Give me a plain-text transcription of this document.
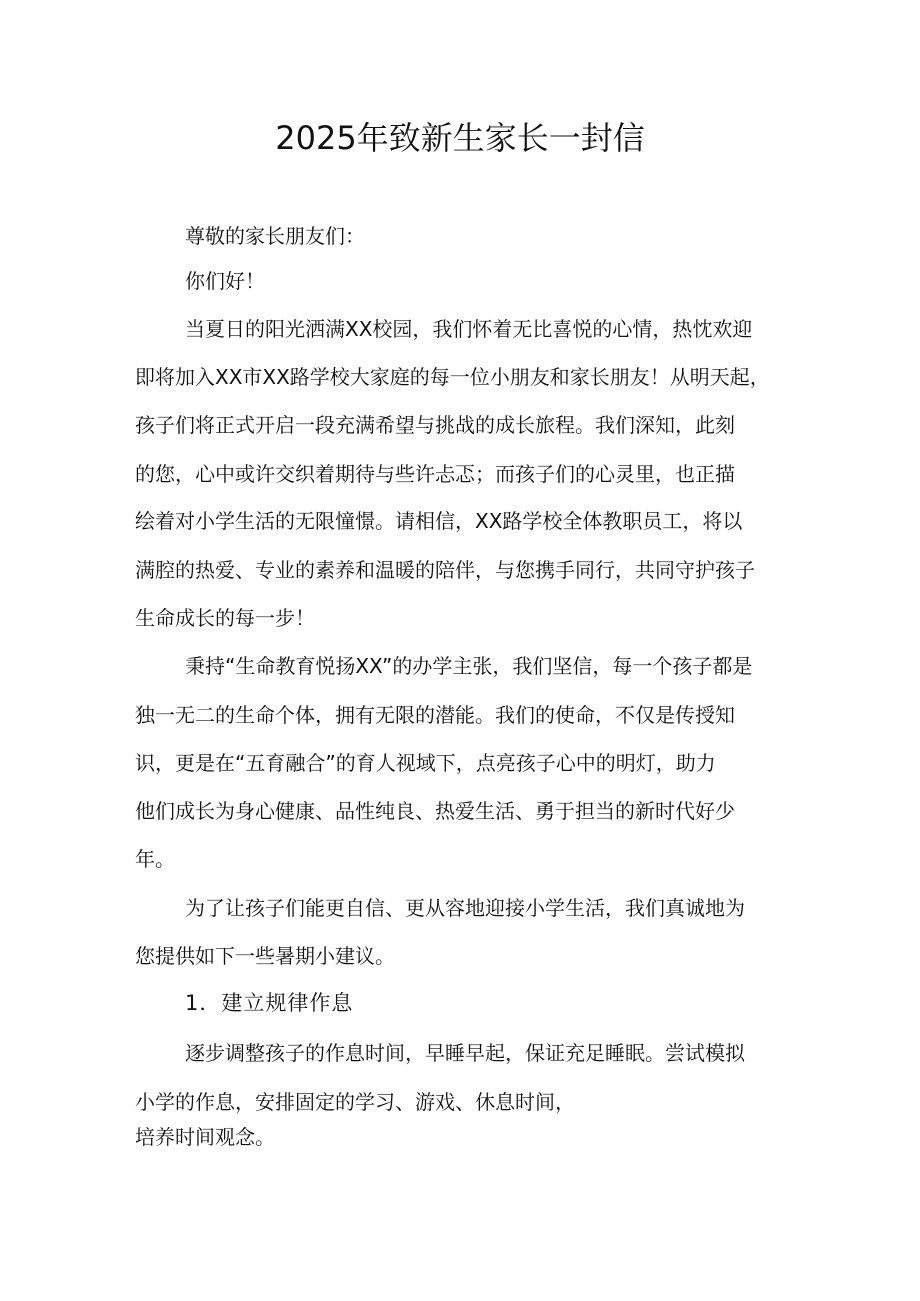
2025年致新生家长一封信
尊敬的家长朋友们：
你们好！
当夏日的阳光洒满XX校园，我们怀着无比喜悦的心情，热忱欢迎
即将加入XX市XX路学校大家庭的每一位小朋友和家长朋友！从明天起，
孩子们将正式开启一段充满希望与挑战的成长旅程。我们深知，此刻
的您，心中或许交织着期待与些许忐忑；而孩子们的心灵里，也正描
绘着对小学生活的无限憧憬。请相信，XX路学校全体教职员工，将以
满腔的热爱、专业的素养和温暖的陪伴，与您携手同行，共同守护孩子
生命成长的每一步！
秉持“生命教育悦扬XX”的办学主张，我们坚信，每一个孩子都是
独一无二的生命个体，拥有无限的潜能。我们的使命，不仅是传授知
识，更是在“五育融合”的育人视域下，点亮孩子心中的明灯，助力
他们成长为身心健康、品性纯良、热爱生活、勇于担当的新时代好少
年。
为了让孩子们能更自信、更从容地迎接小学生活，我们真诚地为
您提供如下一些暑期小建议。
1．建立规律作息
逐步调整孩子的作息时间，早睡早起，保证充足睡眠。尝试模拟
小学的作息，安排固定的学习、游戏、休息时间，
培养时间观念。
